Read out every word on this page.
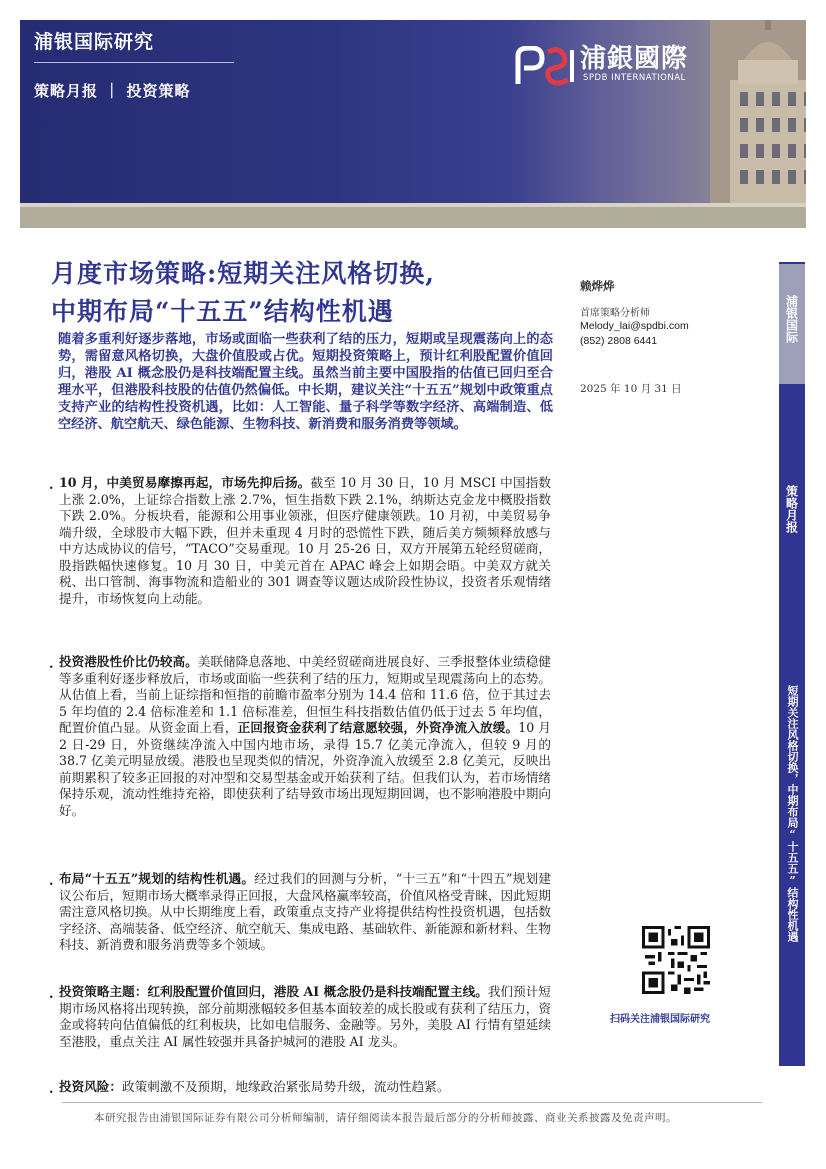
浦银国际研究
策略月报 ｜ 投资策略
浦銀國際
SPDB INTERNATIONAL
月度市场策略:短期关注风格切换,
中期布局“十五五”结构性机遇
随着多重利好逐步落地，市场或面临一些获利了结的压力，短期或呈现震荡向上的态势，需留意风格切换，大盘价值股或占优。短期投资策略上，预计红利股配置价值回归，港股 AI 概念股仍是科技端配置主线。虽然当前主要中国股指的估值已回归至合理水平，但港股科技股的估值仍然偏低。中长期，建议关注“十五五”规划中政策重点支持产业的结构性投资机遇，比如：人工智能、量子科学等数字经济、高端制造、低空经济、航空航天、绿色能源、生物科技、新消费和服务消费等领域。
. 10 月，中美贸易摩擦再起，市场先抑后扬。截至 10 月 30 日，10 月 MSCI 中国指数上涨 2.0%，上证综合指数上涨 2.7%，恒生指数下跌 2.1%，纳斯达克金龙中概股指数下跌 2.0%。分板块看，能源和公用事业领涨，但医疗健康领跌。10 月初，中美贸易争端升级，全球股市大幅下跌，但并未重现 4 月时的恐慌性下跌，随后美方频频释放感与中方达成协议的信号，“TACO”交易重现。10 月 25-26 日，双方开展第五轮经贸磋商，股指跌幅快速修复。10 月 30 日，中美元首在 APAC 峰会上如期会晤。中美双方就关税、出口管制、海事物流和造船业的 301 调查等议题达成阶段性协议，投资者乐观情绪提升，市场恢复向上动能。
. 投资港股性价比仍较高。美联储降息落地、中美经贸磋商进展良好、三季报整体业绩稳健等多重利好逐步释放后，市场或面临一些获利了结的压力，短期或呈现震荡向上的态势。从估值上看，当前上证综指和恒指的前瞻市盈率分别为 14.4 倍和 11.6 倍，位于其过去 5 年均值的 2.4 倍标准差和 1.1 倍标准差，但恒生科技指数估值仍低于过去 5 年均值，配置价值凸显。从资金面上看，正回报资金获利了结意愿较强，外资净流入放缓。10 月 2 日-29 日，外资继续净流入中国内地市场，录得 15.7 亿美元净流入，但较 9 月的 38.7 亿美元明显放缓。港股也呈现类似的情况，外资净流入放缓至 2.8 亿美元，反映出前期累积了较多正回报的对冲型和交易型基金或开始获利了结。但我们认为，若市场情绪保持乐观，流动性维持充裕，即使获利了结导致市场出现短期回调，也不影响港股中期向好。
. 布局“十五五”规划的结构性机遇。经过我们的回测与分析，“十三五”和“十四五”规划建议公布后，短期市场大概率录得正回报，大盘风格赢率较高，价值风格受青睐，因此短期需注意风格切换。从中长期维度上看，政策重点支持产业将提供结构性投资机遇，包括数字经济、高端装备、低空经济、航空航天、集成电路、基础软件、新能源和新材料、生物科技、新消费和服务消费等多个领域。
. 投资策略主题：红利股配置价值回归，港股 AI 概念股仍是科技端配置主线。我们预计短期市场风格将出现转换，部分前期涨幅较多但基本面较差的成长股或有获利了结压力，资金或将转向估值偏低的红利板块，比如电信服务、金融等。另外，美股 AI 行情有望延续至港股，重点关注 AI 属性较强并具备护城河的港股 AI 龙头。
. 投资风险：政策刺激不及预期，地缘政治紧张局势升级，流动性趋紧。
赖烨烨
首席策略分析师
Melody_lai@spdbi.com
(852) 2808 6441
2025 年 10 月 31 日
浦银国际
策略月报
短期关注风格切换，中期布局“十五五”结构性机遇
扫码关注浦银国际研究
本研究报告由浦银国际证券有限公司分析师编制，请仔细阅读本报告最后部分的分析师披露、商业关系披露及免责声明。
